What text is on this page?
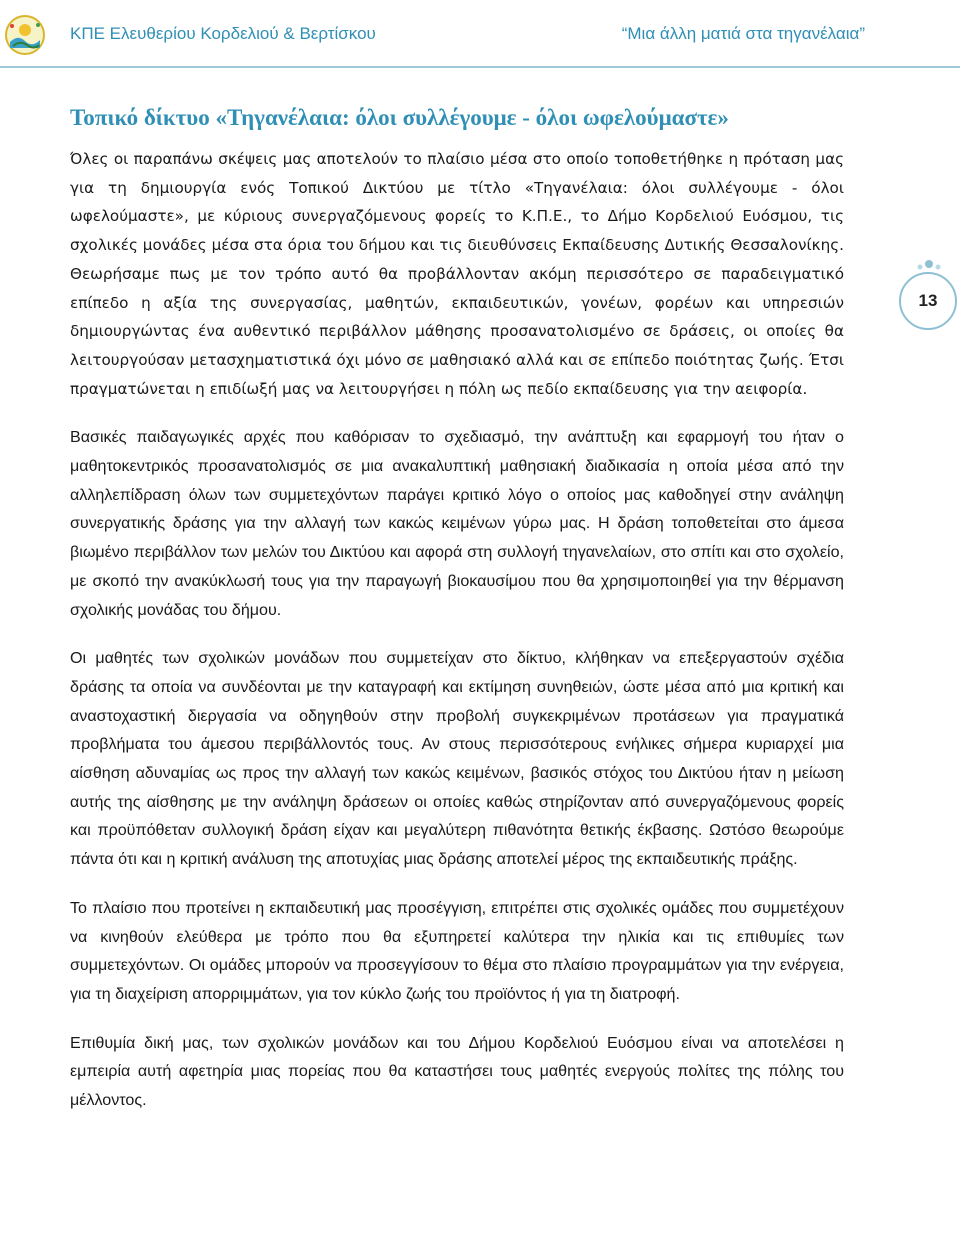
ΚΠΕ Ελευθερίου Κορδελιού & Βερτίσκου	“Μια άλλη ματιά στα τηγανέλαια”
Τοπικό δίκτυο «Τηγανέλαια: όλοι συλλέγουμε - όλοι ωφελούμαστε»

Όλες οι παραπάνω σκέψεις μας αποτελούν το πλαίσιο μέσα στο οποίο τοποθετήθηκε η πρόταση μας για τη δημιουργία ενός Τοπικού Δικτύου με τίτλο «Τηγανέλαια: όλοι συλλέγουμε - όλοι ωφελούμαστε», με κύριους συνεργαζόμενους φορείς το Κ.Π.Ε., το Δήμο Κορδελιού Ευόσμου, τις σχολικές μονάδες μέσα στα όρια του δήμου και τις διευθύνσεις Εκπαίδευσης Δυτικής Θεσσαλονίκης. Θεωρήσαμε πως με τον τρόπο αυτό θα προβάλλονταν ακόμη περισσότερο σε παραδειγματικό επίπεδο η αξία της συνεργασίας, μαθητών, εκπαιδευτικών, γονέων, φορέων και υπηρεσιών δημιουργώντας ένα αυθεντικό περιβάλλον μάθησης προσανατολισμένο σε δράσεις, οι οποίες θα λειτουργούσαν μετασχηματιστικά όχι μόνο σε μαθησιακό αλλά και σε επίπεδο ποιότητας ζωής. Έτσι πραγματώνεται η επιδίωξή μας να λειτουργήσει η πόλη ως πεδίο εκπαίδευσης για την αειφορία.

Βασικές παιδαγωγικές αρχές που καθόρισαν το σχεδιασμό, την ανάπτυξη και εφαρμογή του ήταν ο μαθητοκεντρικός προσανατολισμός σε μια ανακαλυπτική μαθησιακή διαδικασία η οποία μέσα από την αλληλεπίδραση όλων των συμμετεχόντων παράγει κριτικό λόγο ο οποίος μας καθοδηγεί στην ανάληψη συνεργατικής δράσης για την αλλαγή των κακώς κειμένων γύρω μας. Η δράση τοποθετείται στο άμεσα βιωμένο περιβάλλον των μελών του Δικτύου και αφορά στη συλλογή τηγανελαίων, στο σπίτι και στο σχολείο, με σκοπό την ανακύκλωσή τους για την παραγωγή βιοκαυσίμου που θα χρησιμοποιηθεί για την θέρμανση σχολικής μονάδας του δήμου.

Οι μαθητές των σχολικών μονάδων που συμμετείχαν στο δίκτυο, κλήθηκαν να επεξεργαστούν σχέδια δράσης τα οποία να συνδέονται με την καταγραφή και εκτίμηση συνηθειών, ώστε μέσα από μια κριτική και αναστοχαστική διεργασία να οδηγηθούν στην προβολή συγκεκριμένων προτάσεων για πραγματικά προβλήματα του άμεσου περιβάλλοντός τους. Αν στους περισσότερους ενήλικες σήμερα κυριαρχεί μια αίσθηση αδυναμίας ως προς την αλλαγή των κακώς κειμένων, βασικός στόχος του Δικτύου ήταν η μείωση αυτής της αίσθησης με την ανάληψη δράσεων οι οποίες καθώς στηρίζονταν από συνεργαζόμενους φορείς και προϋπόθεταν συλλογική δράση είχαν και μεγαλύτερη πιθανότητα θετικής έκβασης. Ωστόσο θεωρούμε πάντα ότι και η κριτική ανάλυση της αποτυχίας μιας δράσης αποτελεί μέρος της εκπαιδευτικής πράξης.

Το πλαίσιο που προτείνει η εκπαιδευτική μας προσέγγιση, επιτρέπει στις σχολικές ομάδες που συμμετέχουν να κινηθούν ελεύθερα με τρόπο που θα εξυπηρετεί καλύτερα την ηλικία και τις επιθυμίες των συμμετεχόντων. Οι ομάδες μπορούν να προσεγγίσουν το θέμα στο πλαίσιο προγραμμάτων για την ενέργεια, για τη διαχείριση απορριμμάτων, για τον κύκλο ζωής του προϊόντος ή για τη διατροφή.

Επιθυμία δική μας, των σχολικών μονάδων και του Δήμου Κορδελιού Ευόσμου είναι να αποτελέσει η εμπειρία αυτή αφετηρία μιας πορείας που θα καταστήσει τους μαθητές ενεργούς πολίτες της πόλης του μέλλοντος.

13
